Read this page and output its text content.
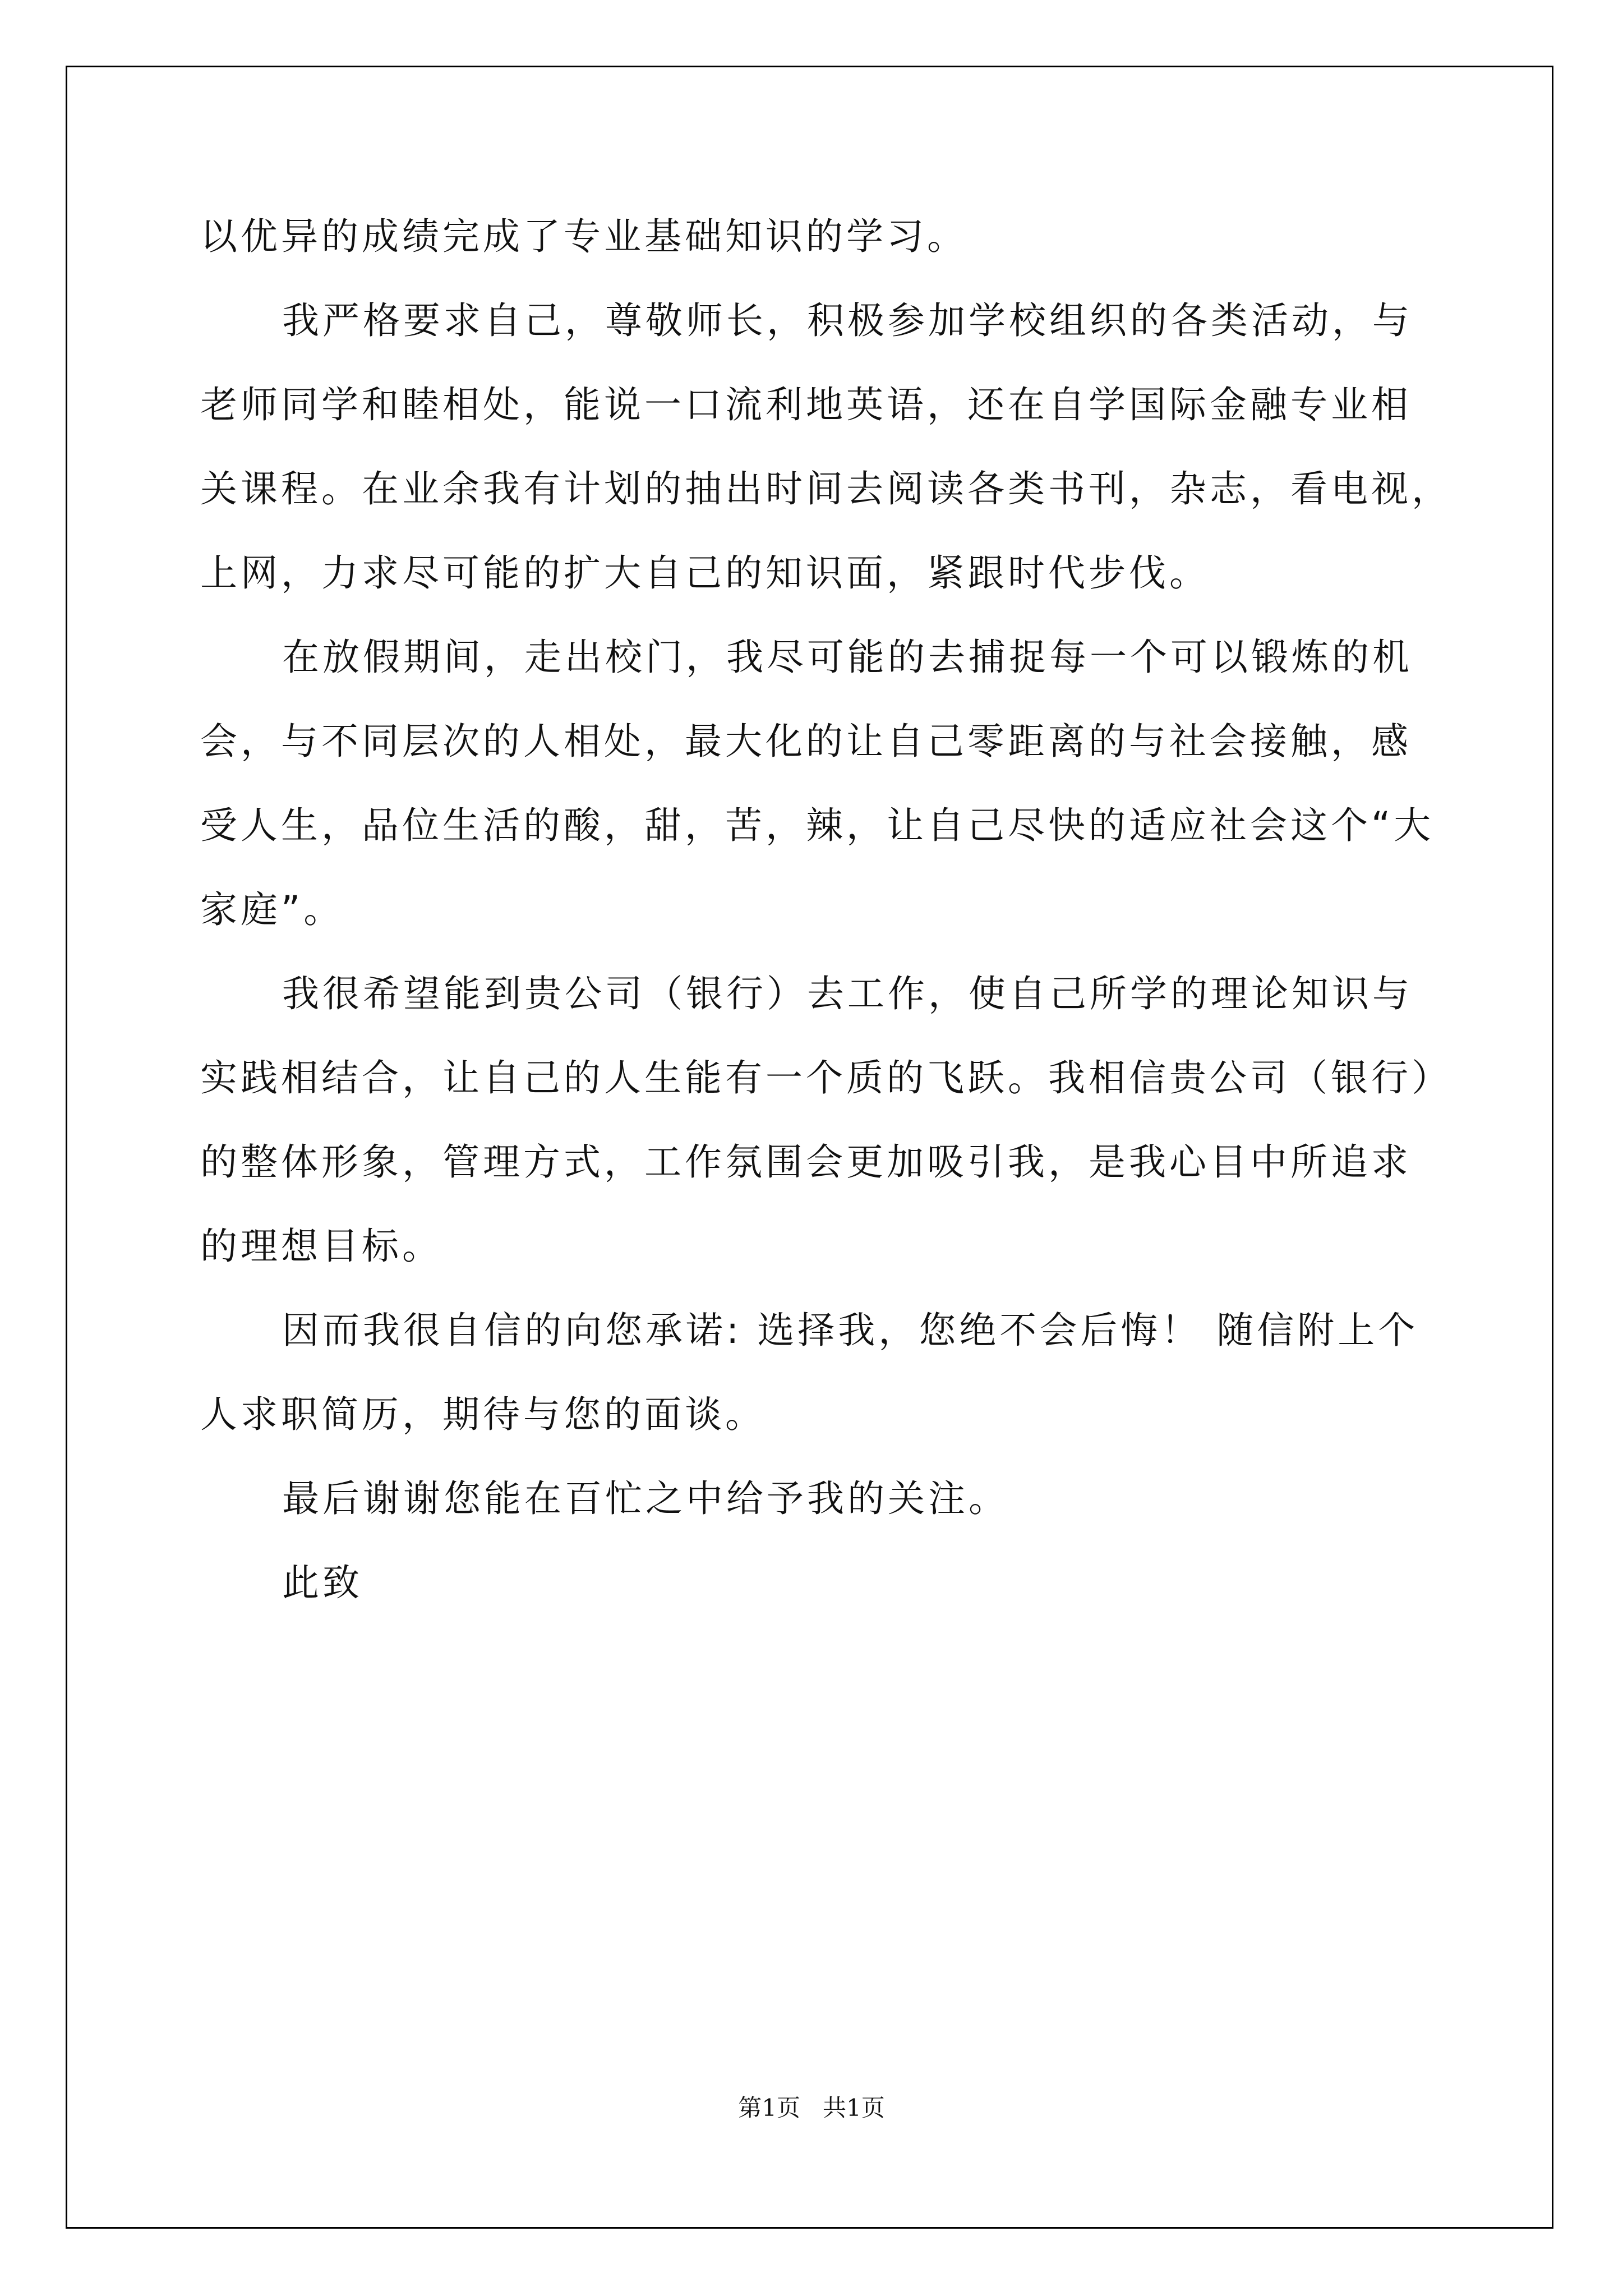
以优异的成绩完成了专业基础知识的学习。

我严格要求自己，尊敬师长，积极参加学校组织的各类活动，与
老师同学和睦相处，能说一口流利地英语，还在自学国际金融专业相
关课程。在业余我有计划的抽出时间去阅读各类书刊，杂志，看电视，
上网，力求尽可能的扩大自己的知识面，紧跟时代步伐。

在放假期间，走出校门，我尽可能的去捕捉每一个可以锻炼的机
会，与不同层次的人相处，最大化的让自己零距离的与社会接触，感
受人生，品位生活的酸，甜，苦，辣，让自己尽快的适应社会这个“大
家庭”。

我很希望能到贵公司（银行）去工作，使自己所学的理论知识与
实践相结合，让自己的人生能有一个质的飞跃。我相信贵公司（银行）
的整体形象，管理方式，工作氛围会更加吸引我，是我心目中所追求
的理想目标。

因而我很自信的向您承诺: 选择我，您绝不会后悔！ 随信附上个
人求职简历，期待与您的面谈。

最后谢谢您能在百忙之中给予我的关注。

此致

第1页 共1页
